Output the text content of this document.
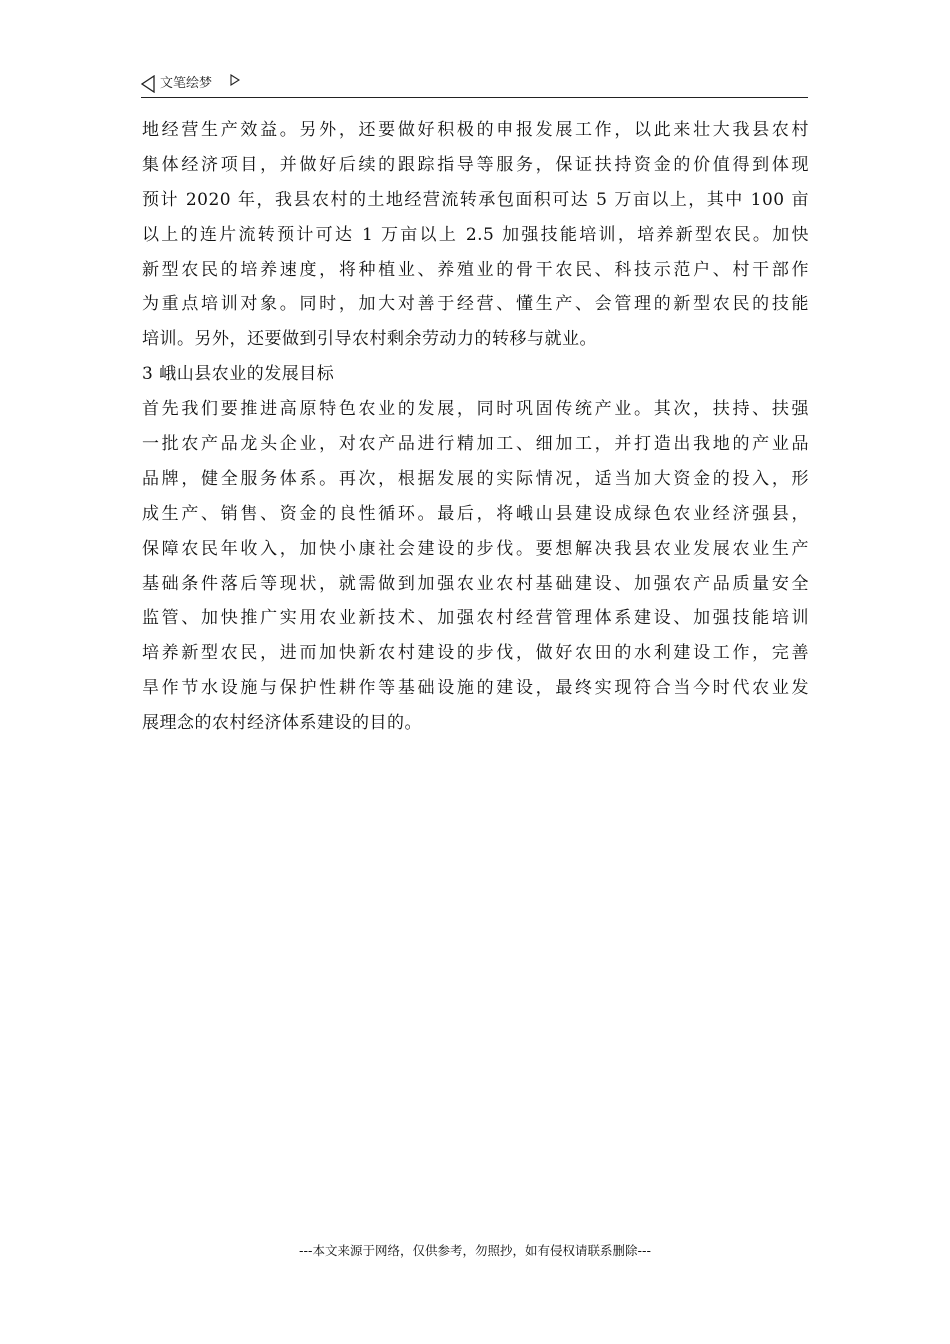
文笔绘梦
地经营生产效益。另外，还要做好积极的申报发展工作，以此来壮大我县农村
集体经济项目，并做好后续的跟踪指导等服务，保证扶持资金的价值得到体现
预计 2020 年，我县农村的土地经营流转承包面积可达 5 万亩以上，其中 100 亩
以上的连片流转预计可达 1 万亩以上 2.5 加强技能培训，培养新型农民。加快
新型农民的培养速度，将种植业、养殖业的骨干农民、科技示范户、村干部作
为重点培训对象。同时，加大对善于经营、懂生产、会管理的新型农民的技能
培训。另外，还要做到引导农村剩余劳动力的转移与就业。
3 峨山县农业的发展目标
首先我们要推进高原特色农业的发展，同时巩固传统产业。其次，扶持、扶强
一批农产品龙头企业，对农产品进行精加工、细加工，并打造出我地的产业品
品牌，健全服务体系。再次，根据发展的实际情况，适当加大资金的投入，形
成生产、销售、资金的良性循环。最后，将峨山县建设成绿色农业经济强县，
保障农民年收入，加快小康社会建设的步伐。要想解决我县农业发展农业生产
基础条件落后等现状，就需做到加强农业农村基础建设、加强农产品质量安全
监管、加快推广实用农业新技术、加强农村经营管理体系建设、加强技能培训
培养新型农民，进而加快新农村建设的步伐，做好农田的水利建设工作，完善
旱作节水设施与保护性耕作等基础设施的建设，最终实现符合当今时代农业发
展理念的农村经济体系建设的目的。
---本文来源于网络，仅供参考，勿照抄，如有侵权请联系删除---
